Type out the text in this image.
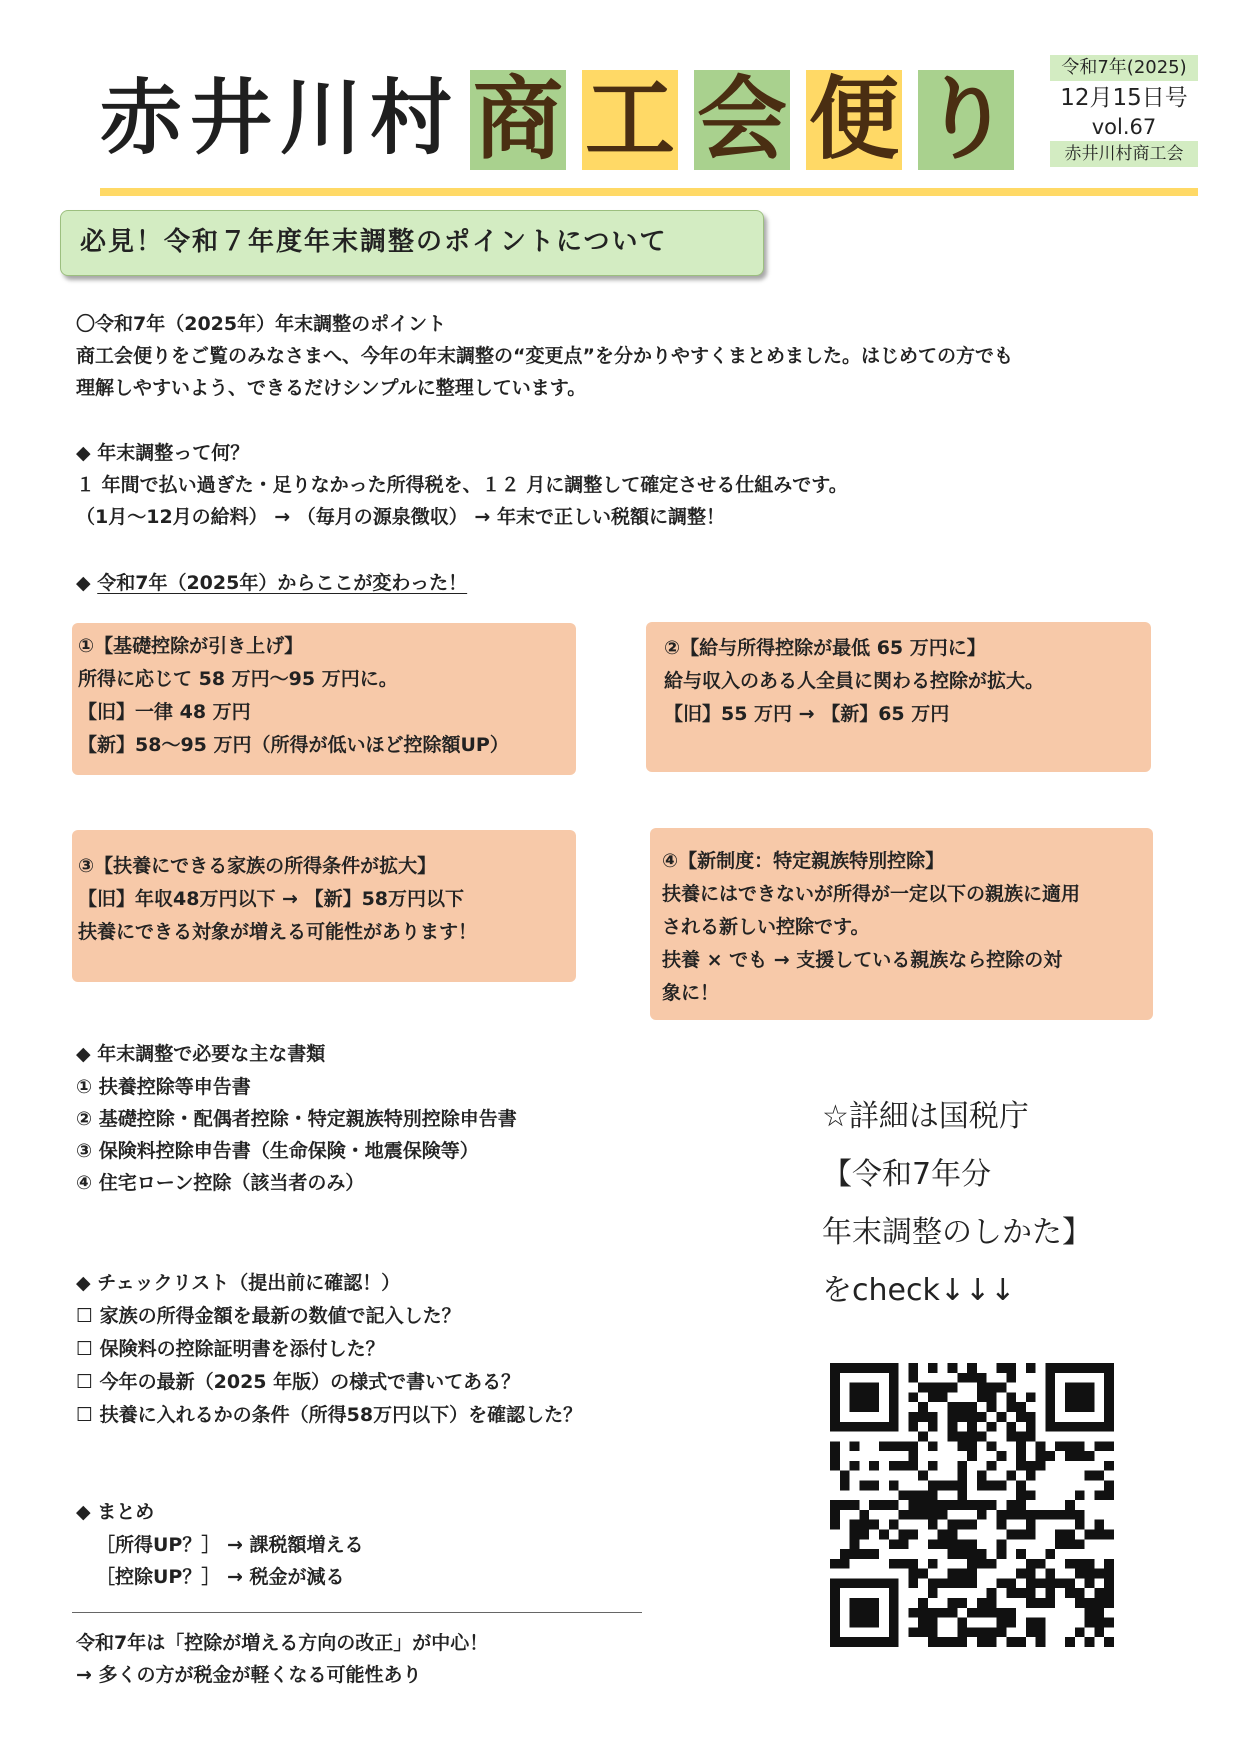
赤井川村 商 工 会 便 り	令和7年(2025)
12月15日号
vol.67
赤井川村商工会
必見！令和７年度年末調整のポイントについて
〇令和7年（2025年）年末調整のポイント
商工会便りをご覧のみなさまへ、今年の年末調整の“変更点”を分かりやすくまとめました。はじめての方でも
理解しやすいよう、できるだけシンプルに整理しています。
◆ 年末調整って何？
１ 年間で払い過ぎた・足りなかった所得税を、１２ 月に調整して確定させる仕組みです。
（1月～12月の給料） → （毎月の源泉徴収） → 年末で正しい税額に調整！
◆ 令和7年（2025年）からここが変わった！
①【基礎控除が引き上げ】
所得に応じて 58 万円～95 万円に。
【旧】一律 48 万円
【新】58～95 万円（所得が低いほど控除額UP）
②【給与所得控除が最低 65 万円に】
給与収入のある人全員に関わる控除が拡大。
【旧】55 万円 → 【新】65 万円
③【扶養にできる家族の所得条件が拡大】
【旧】年収48万円以下 → 【新】58万円以下
扶養にできる対象が増える可能性があります！
④【新制度：特定親族特別控除】
扶養にはできないが所得が一定以下の親族に適用
される新しい控除です。
扶養 × でも → 支援している親族なら控除の対
象に！
◆ 年末調整で必要な主な書類
① 扶養控除等申告書
② 基礎控除・配偶者控除・特定親族特別控除申告書
③ 保険料控除申告書（生命保険・地震保険等）
④ 住宅ローン控除（該当者のみ）
◆ チェックリスト（提出前に確認！）
☐ 家族の所得金額を最新の数値で記入した？
☐ 保険料の控除証明書を添付した？
☐ 今年の最新（2025 年版）の様式で書いてある？
☐ 扶養に入れるかの条件（所得58万円以下）を確認した？
◆ まとめ
［所得UP？］ → 課税額増える
［控除UP？］ → 税金が減る
令和7年は「控除が増える方向の改正」が中心！
→ 多くの方が税金が軽くなる可能性あり
☆詳細は国税庁
【令和7年分
年末調整のしかた】
をcheck↓↓↓
